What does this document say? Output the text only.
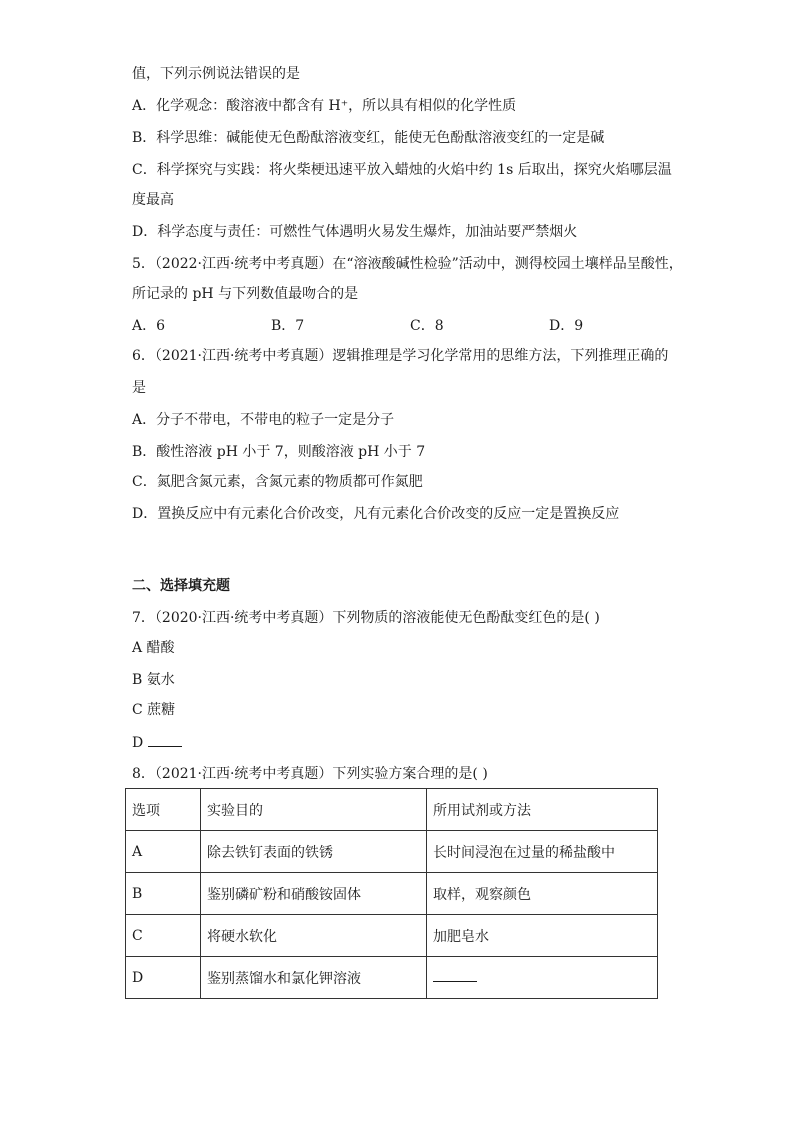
值，下列示例说法错误的是
A．化学观念：酸溶液中都含有 H⁺，所以具有相似的化学性质
B．科学思维：碱能使无色酚酞溶液变红，能使无色酚酞溶液变红的一定是碱
C．科学探究与实践：将火柴梗迅速平放入蜡烛的火焰中约 1s 后取出，探究火焰哪层温
度最高
D．科学态度与责任：可燃性气体遇明火易发生爆炸，加油站要严禁烟火
5．（2022·江西·统考中考真题）在“溶液酸碱性检验”活动中，测得校园土壤样品呈酸性，
所记录的 pH 与下列数值最吻合的是
A．6	B．7	C．8	D．9
6．（2021·江西·统考中考真题）逻辑推理是学习化学常用的思维方法，下列推理正确的
是
A．分子不带电，不带电的粒子一定是分子
B．酸性溶液 pH 小于 7，则酸溶液 pH 小于 7
C．氮肥含氮元素，含氮元素的物质都可作氮肥
D．置换反应中有元素化合价改变，凡有元素化合价改变的反应一定是置换反应
二、选择填充题
7．（2020·江西·统考中考真题）下列物质的溶液能使无色酚酞变红色的是( )
A 醋酸
B 氨水
C 蔗糖
D
8．（2021·江西·统考中考真题）下列实验方案合理的是( )
选项	实验目的	所用试剂或方法
A	除去铁钉表面的铁锈	长时间浸泡在过量的稀盐酸中
B	鉴别磷矿粉和硝酸铵固体	取样，观察颜色
C	将硬水软化	加肥皂水
D	鉴别蒸馏水和氯化钾溶液	
